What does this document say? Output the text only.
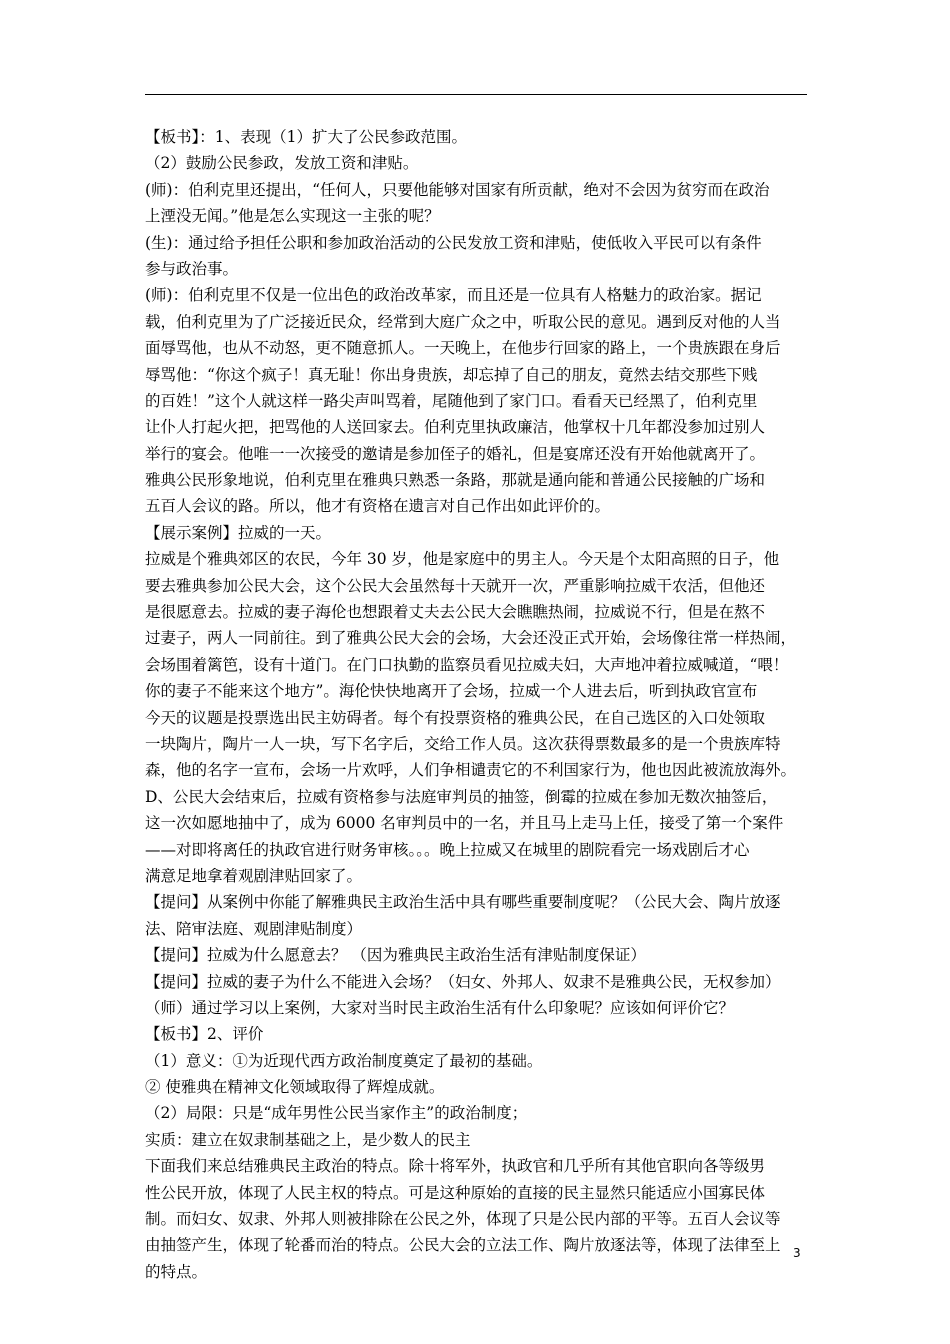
【板书】：1、表现（1）扩大了公民参政范围。
（2）鼓励公民参政，发放工资和津贴。
(师)：伯利克里还提出，“任何人，只要他能够对国家有所贡献，绝对不会因为贫穷而在政治
上湮没无闻。”他是怎么实现这一主张的呢？
(生)：通过给予担任公职和参加政治活动的公民发放工资和津贴，使低收入平民可以有条件
参与政治事。
(师)：伯利克里不仅是一位出色的政治改革家，而且还是一位具有人格魅力的政治家。据记
载，伯利克里为了广泛接近民众，经常到大庭广众之中，听取公民的意见。遇到反对他的人当
面辱骂他，也从不动怒，更不随意抓人。一天晚上，在他步行回家的路上，一个贵族跟在身后
辱骂他：“你这个疯子！真无耻！你出身贵族，却忘掉了自己的朋友，竟然去结交那些下贱
的百姓！”这个人就这样一路尖声叫骂着，尾随他到了家门口。看看天已经黑了，伯利克里
让仆人打起火把，把骂他的人送回家去。伯利克里执政廉洁，他掌权十几年都没参加过别人
举行的宴会。他唯一一次接受的邀请是参加侄子的婚礼，但是宴席还没有开始他就离开了。
雅典公民形象地说，伯利克里在雅典只熟悉一条路，那就是通向能和普通公民接触的广场和
五百人会议的路。所以，他才有资格在遗言对自己作出如此评价的。
【展示案例】拉威的一天。
拉威是个雅典郊区的农民，今年 30 岁，他是家庭中的男主人。今天是个太阳高照的日子，他
要去雅典参加公民大会，这个公民大会虽然每十天就开一次，严重影响拉威干农活，但他还
是很愿意去。拉威的妻子海伦也想跟着丈夫去公民大会瞧瞧热闹，拉威说不行，但是在熬不
过妻子，两人一同前往。到了雅典公民大会的会场，大会还没正式开始，会场像往常一样热闹，
会场围着篱笆，设有十道门。在门口执勤的监察员看见拉威夫妇，大声地冲着拉威喊道，“喂！
你的妻子不能来这个地方”。海伦快快地离开了会场，拉威一个人进去后，听到执政官宣布
今天的议题是投票选出民主妨碍者。每个有投票资格的雅典公民，在自己选区的入口处领取
一块陶片，陶片一人一块，写下名字后，交给工作人员。这次获得票数最多的是一个贵族库特
森，他的名字一宣布，会场一片欢呼，人们争相谴责它的不利国家行为，他也因此被流放海外。
D、公民大会结束后，拉威有资格参与法庭审判员的抽签，倒霉的拉威在参加无数次抽签后，
这一次如愿地抽中了，成为 6000 名审判员中的一名，并且马上走马上任，接受了第一个案件
——对即将离任的执政官进行财务审核。。。晚上拉威又在城里的剧院看完一场戏剧后才心
满意足地拿着观剧津贴回家了。
【提问】从案例中你能了解雅典民主政治生活中具有哪些重要制度呢？（公民大会、陶片放逐
法、陪审法庭、观剧津贴制度）
【提问】拉威为什么愿意去？ （因为雅典民主政治生活有津贴制度保证）
【提问】拉威的妻子为什么不能进入会场？（妇女、外邦人、奴隶不是雅典公民，无权参加）
（师）通过学习以上案例，大家对当时民主政治生活有什么印象呢？应该如何评价它？
【板书】2、评价
（1）意义：①为近现代西方政治制度奠定了最初的基础。
② 使雅典在精神文化领域取得了辉煌成就。
（2）局限：只是“成年男性公民当家作主”的政治制度；
实质：建立在奴隶制基础之上，是少数人的民主
下面我们来总结雅典民主政治的特点。除十将军外，执政官和几乎所有其他官职向各等级男
性公民开放，体现了人民主权的特点。可是这种原始的直接的民主显然只能适应小国寡民体
制。而妇女、奴隶、外邦人则被排除在公民之外，体现了只是公民内部的平等。五百人会议等
由抽签产生，体现了轮番而治的特点。公民大会的立法工作、陶片放逐法等，体现了法律至上
的特点。
3
